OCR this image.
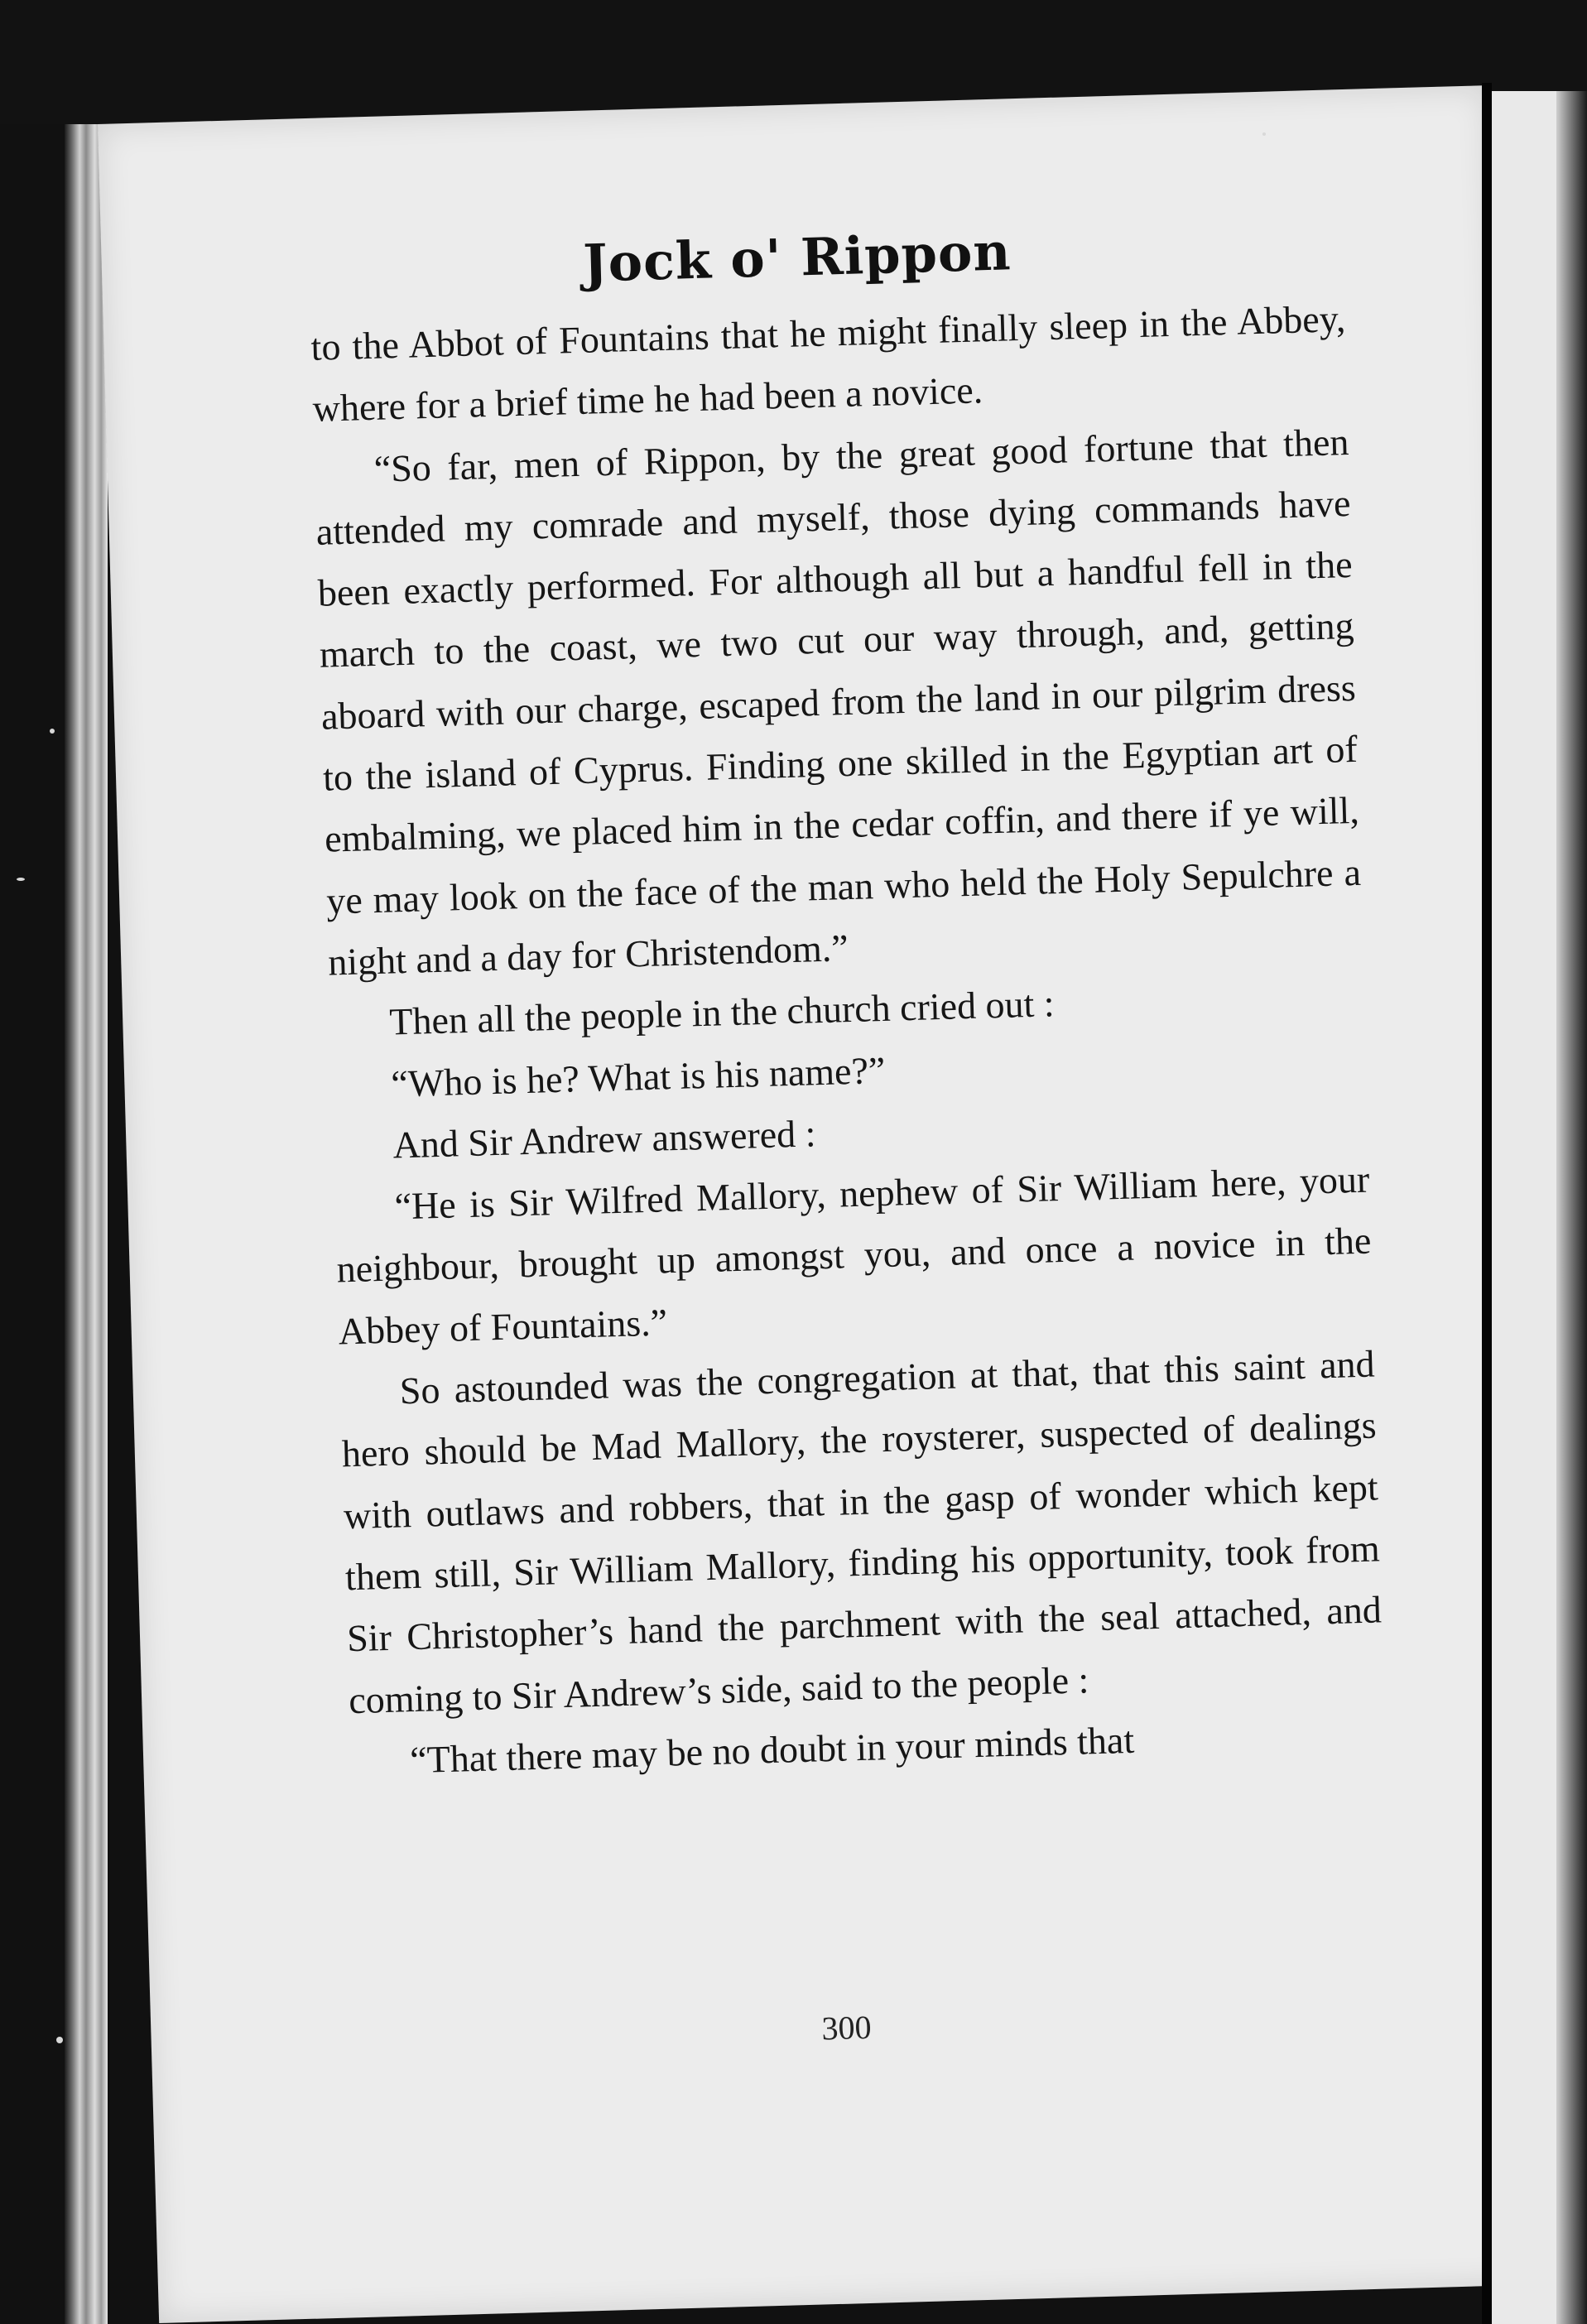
Jock o' Rippon

to the Abbot of Fountains that he might finally sleep in the Abbey, where for a brief time he had been a novice.

“So far, men of Rippon, by the great good fortune that then attended my comrade and myself, those dying commands have been exactly performed. For although all but a handful fell in the march to the coast, we two cut our way through, and, getting aboard with our charge, escaped from the land in our pilgrim dress to the island of Cyprus. Finding one skilled in the Egyptian art of embalming, we placed him in the cedar coffin, and there if ye will, ye may look on the face of the man who held the Holy Sepulchre a night and a day for Christendom.”

Then all the people in the church cried out :

“Who is he? What is his name?”

And Sir Andrew answered :

“He is Sir Wilfred Mallory, nephew of Sir William here, your neighbour, brought up amongst you, and once a novice in the Abbey of Fountains.”

So astounded was the congregation at that, that this saint and hero should be Mad Mallory, the roysterer, suspected of dealings with outlaws and robbers, that in the gasp of wonder which kept them still, Sir William Mallory, finding his opportunity, took from Sir Christopher’s hand the parchment with the seal attached, and coming to Sir Andrew’s side, said to the people :

“That there may be no doubt in your minds that

300
